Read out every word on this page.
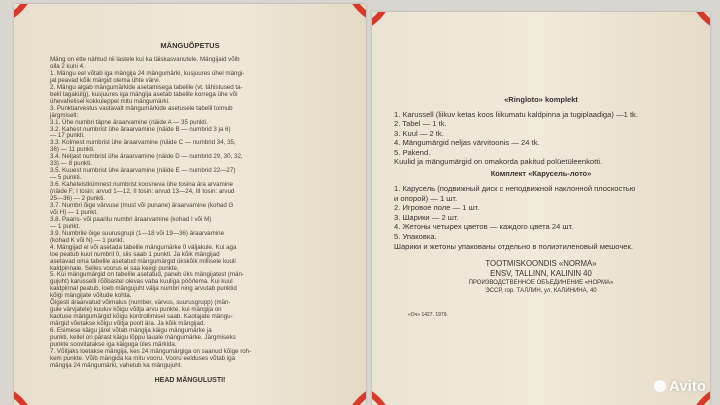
MÄNGUÕPETUS
Mäng on ette nähtud nii lastele kui ka täiskasvanutele. Mängijaid võib
olla 2 kuni 4.
1. Mängu eel võtab iga mängija 24 mängumärki, kusjuures ühel mängi-
jal peavad kõik märgid olema ühte värvi.
2. Mängu algab mängumärkide asetamisega tabelile (vt. tähistused ta-
belil tagakülg), kusjuures iga mängija asetab tabelile korrega ühe või
ühevahelisel kokkuleppel mitu mängumärki.
3. Punktiarvestus vastavalt mängumärkide asetusele tabelil toimub
järgmiselt:
3.1. Ühe numbri täpne äraarvamine (näide A — 35 punkti.
3.2. Kahest numbrist ühe äraarvamine (näide B — numbrid 3 ja 6)
— 17 punkti.
3.3. Kolmest numbrist ühe äraarvamine (näide C — numbrid 34, 35,
36) — 11 punkti.
3.4. Neljast numbrist ühe äraarvamine (näide D — numbrid 29, 30, 32,
33) — 8 punkti.
3.5. Kuuest numbrist ühe äraarvamine (näide E — numbrid 22—27)
— 5 punkti.
3.6. Kaheteistkümnest numbrist koosneva ühe tosina ära arvamine
(näide F; I tosin: arvud 1—12, II tosin: arvud 13—24, III tosin: arvud
25—36) — 2 punkti.
3.7. Numbri õige värvuse (must või punane) äraarvamine (kohad G
või H) — 1 punkt.
3.8. Paaris- või paaritu numbri äraarvamine (kohad I või M)
— 1 punkt.
3.9. Numbrile õige suurusgrupi (1—18 või 19—36) äraarvamine
(kohad K või N) — 1 punkt.
4. Mängijad ei või asetada tabelile mängumärke 0 väljakule. Kui aga
loe peatub kuul numbril 0, siis saab 1 punkti. Ja kõik mängijad
asetavad oma tabelile asetatud mängumärgid ükskõik millisele kuuli
kaldpinnale. Selles voorus ei saa keegi punkte.
5. Kui mängumärgid on tabelile asetatud, paneb üks mängijatest (män-
gujuht) karusselli rõõbastel olevas vaba kuuliga pöörlema. Kui kuul
kaldpinnal peatub, loeb mängujuht välja numbri ning arvutab punktid
kõigi mängijate võitude kohta.
Õigesti äraarvatud võimalus (number, värvus, suurusgrupp) (män-
gule värvjatele) kuuluv kõigu võitja arvu punkte, kui mängija on
kaotuse mängumärgid kõigu kontrollimisel saab. Kaotajate mängu-
märgid võetakse kõigu võitja poolt ära. Ja kõik mängijad.
6. Esimese käigu järel võtab mängija käigu mängumärke ja
punkti, kellel on pärast käigu lõppu lauale mängumärke. Järgmiseks
punkte soovitatakse iga käiguga üles märkida.
7. Võitjaks loetakse mängija, kes 24 mängumärgiga on saanud kõige roh-
kem punkte. Võib mängida ka mitu vooru. Vooru eelduses võtab iga
mängija 24 mängumärki, vahetub ka mängujuht.
HEAD MÄNGULUSTI!
«Ringloto» komplekt
1. Karussell (liikuv ketas koos liikumatu kaldpinna ja tugiplaadiga) —1 tk.
2. Tabel — 1 tk.
3. Kuul — 2 tk.
4. Mängumärgid neljas värvitoonis — 24 tk.
5. Pakend.
Kuulid ja mängumärgid on omakorda pakitud polüetüleenkotti.
Комплект «Карусель-лото»
1. Карусель (подвижный диск с неподвижной наклонной плоскостью
и опорой) — 1 шт.
2. Игровое поле — 1 шт.
3. Шарики — 2 шт.
4. Жетоны четырех цветов — каждого цвета 24 шт.
5. Упаковка.
Шарики и жетоны упакованы отдельно в полиэтиленовый мешочек.
TOOTMISKOONDIS «NORMA»
ENSV, TALLINN, KALININ 40
ПРОИЗВОДСТВЕННОЕ ОБЪЕДИНЕНИЕ «НОРМА»
ЭССР, гор. ТАЛЛИН, ул. КАЛИНИНА, 40
«Оч» 1427. 1979.
Avito
